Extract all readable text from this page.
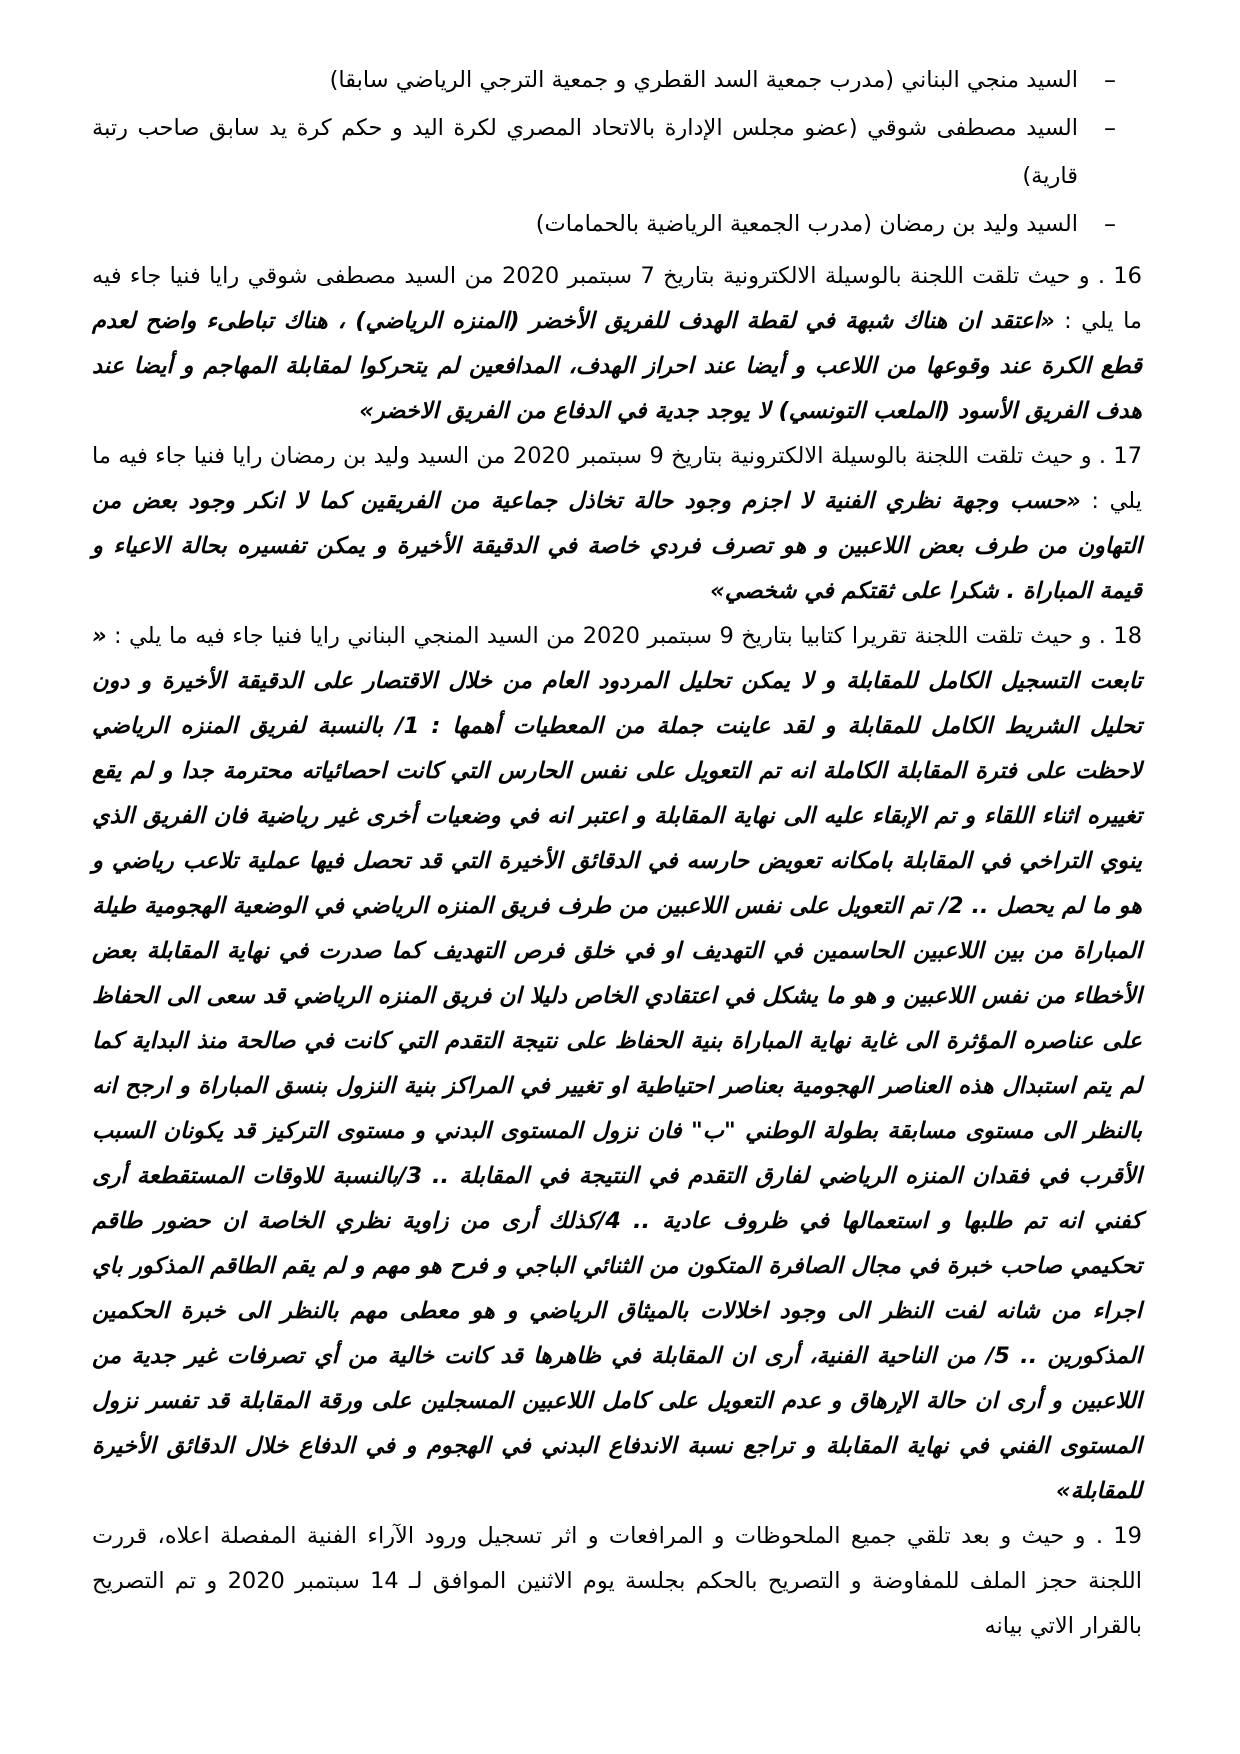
–
السيد منجي البناني (مدرب جمعية السد القطري و جمعية الترجي الرياضي سابقا)
–
السيد مصطفى شوقي (عضو مجلس الإدارة بالاتحاد المصري لكرة اليد و حكم كرة يد سابق صاحب رتبة قارية)
–
السيد وليد بن رمضان (مدرب الجمعية الرياضية بالحمامات)

16 . و حيث تلقت اللجنة بالوسيلة الالكترونية بتاريخ 7 سبتمبر 2020 من السيد مصطفى شوقي رايا فنيا جاء فيه ما يلي : «اعتقد ان هناك شبهة في لقطة الهدف للفريق الأخضر (المنزه الرياضي) ، هناك تباطىء واضح لعدم قطع الكرة عند وقوعها من اللاعب و أيضا عند احراز الهدف، المدافعين لم يتحركوا لمقابلة المهاجم و أيضا عند هدف الفريق الأسود (الملعب التونسي) لا يوجد جدية في الدفاع من الفريق الاخضر»

17 . و حيث تلقت اللجنة بالوسيلة الالكترونية بتاريخ 9 سبتمبر 2020 من السيد وليد بن رمضان رايا فنيا جاء فيه ما يلي : «حسب وجهة نظري الفنية لا اجزم وجود حالة تخاذل جماعية من الفريقين كما لا انكر وجود بعض من التهاون من طرف بعض اللاعبين و هو تصرف فردي خاصة في الدقيقة الأخيرة و يمكن تفسيره بحالة الاعياء و قيمة المباراة . شكرا على ثقتكم في شخصي»

18 . و حيث تلقت اللجنة تقريرا كتابيا بتاريخ 9 سبتمبر 2020 من السيد المنجي البناني رايا فنيا جاء فيه ما يلي : « تابعت التسجيل الكامل للمقابلة و لا يمكن تحليل المردود العام من خلال الاقتصار على الدقيقة الأخيرة و دون تحليل الشريط الكامل للمقابلة و لقد عاينت جملة من المعطيات أهمها : 1/ بالنسبة لفريق المنزه الرياضي لاحظت على فترة المقابلة الكاملة انه تم التعويل على نفس الحارس التي كانت احصائياته محترمة جدا و لم يقع تغييره اثناء اللقاء و تم الإبقاء عليه الى نهاية المقابلة و اعتبر انه في وضعيات أخرى غير رياضية فان الفريق الذي ينوي التراخي في المقابلة بامكانه تعويض حارسه في الدقائق الأخيرة التي قد تحصل فيها عملية تلاعب رياضي و هو ما لم يحصل .. 2/ تم التعويل على نفس اللاعبين من طرف فريق المنزه الرياضي في الوضعية الهجومية طيلة المباراة من بين اللاعبين الحاسمين في التهديف او في خلق فرص التهديف كما صدرت في نهاية المقابلة بعض الأخطاء من نفس اللاعبين و هو ما يشكل في اعتقادي الخاص دليلا ان فريق المنزه الرياضي قد سعى الى الحفاظ على عناصره المؤثرة الى غاية نهاية المباراة بنية الحفاظ على نتيجة التقدم التي كانت في صالحة منذ البداية كما لم يتم استبدال هذه العناصر الهجومية بعناصر احتياطية او تغيير في المراكز بنية النزول بنسق المباراة و ارجح انه بالنظر الى مستوى مسابقة بطولة الوطني "ب" فان نزول المستوى البدني و مستوى التركيز قد يكونان السبب الأقرب في فقدان المنزه الرياضي لفارق التقدم في النتيجة في المقابلة .. 3/بالنسبة للاوقات المستقطعة أرى كفني انه تم طلبها و استعمالها في ظروف عادية .. 4/كذلك أرى من زاوية نظري الخاصة ان حضور طاقم تحكيمي صاحب خبرة في مجال الصافرة المتكون من الثنائي الباجي و فرح هو مهم و لم يقم الطاقم المذكور باي اجراء من شانه لفت النظر الى وجود اخلالات بالميثاق الرياضي و هو معطى مهم بالنظر الى خبرة الحكمين المذكورين .. 5/ من الناحية الفنية، أرى ان المقابلة في ظاهرها قد كانت خالية من أي تصرفات غير جدية من اللاعبين و أرى ان حالة الإرهاق و عدم التعويل على كامل اللاعبين المسجلين على ورقة المقابلة قد تفسر نزول المستوى الفني في نهاية المقابلة و تراجع نسبة الاندفاع البدني في الهجوم و في الدفاع خلال الدقائق الأخيرة للمقابلة»

19 . و حيث و بعد تلقي جميع الملحوظات و المرافعات و اثر تسجيل ورود الآراء الفنية المفصلة اعلاه، قررت اللجنة حجز الملف للمفاوضة و التصريح بالحكم بجلسة يوم الاثنين الموافق لـ 14 سبتمبر 2020 و تم التصريح بالقرار الاتي بيانه
